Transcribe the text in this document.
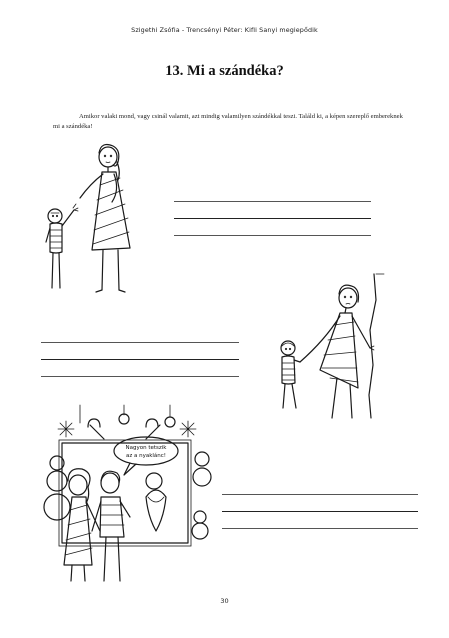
Szigethi Zsófia - Trencsényi Péter: Kifli Sanyi megiepődik
13. Mi a szándéka?
Amikor valaki mond, vagy csinál valamit, azt mindig valamilyen szándékkal teszi. Találd ki, a képen szereplő embereknek mi a szándéka!
Nagyon tetszik
az a nyaklánc!
30
